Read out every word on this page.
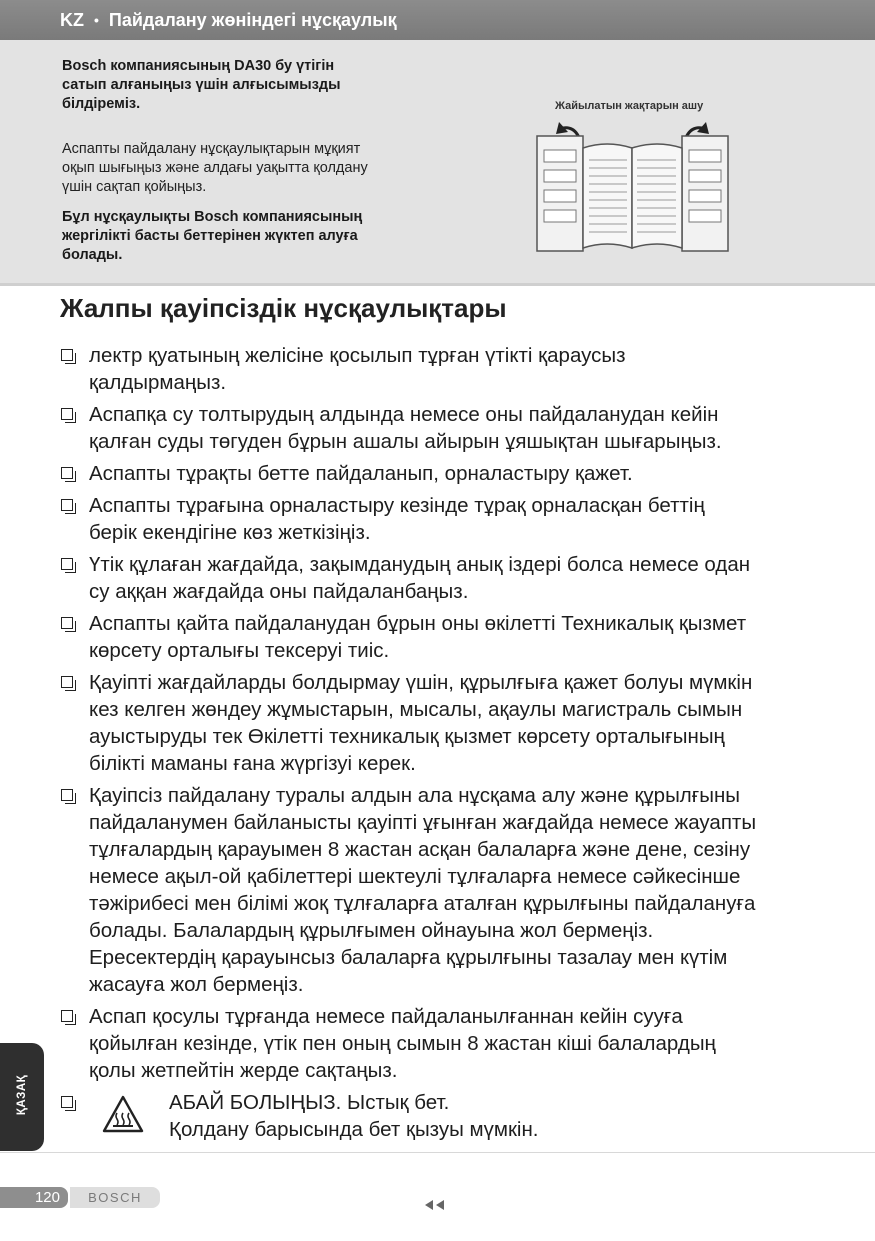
KZ • Пайдалану жөніндегі нұсқаулық

Bosch компаниясының DA30 бу үтігін
сатып алғаныңыз үшін алғысымызды
білдіреміз.

Аспапты пайдалану нұсқаулықтарын мұқият
оқып шығыңыз және алдағы уақытта қолдану
үшін сақтап қойыңыз.

Бұл нұсқаулықты Bosch компаниясының
жергілікті басты беттерінен жүктеп алуға
болады.

Жайылатын жақтарын ашу
Жалпы қауіпсіздік нұсқаулықтары
лектр қуатының желісіне қосылып тұрған үтікті қараусыз
қалдырмаңыз.
Аспапқа су толтырудың алдында немесе оны пайдаланудан кейін
қалған суды төгуден бұрын ашалы айырын ұяшықтан шығарыңыз.
Аспапты тұрақты бетте пайдаланып, орналастыру қажет.
Аспапты тұрағына орналастыру кезінде тұрақ орналасқан беттің
берік екендігіне көз жеткізіңіз.
Үтік құлаған жағдайда, зақымданудың анық іздері болса немесе одан
су аққан жағдайда оны пайдаланбаңыз.
Аспапты қайта пайдаланудан бұрын оны өкілетті Техникалық қызмет
көрсету орталығы тексеруі тиіс.
Қауіпті жағдайларды болдырмау үшін, құрылғыға қажет болуы мүмкін
кез келген жөндеу жұмыстарын, мысалы, ақаулы магистраль сымын
ауыстыруды тек Өкілетті техникалық қызмет көрсету орталығының
білікті маманы ғана жүргізуі керек.
Қауіпсіз пайдалану туралы алдын ала нұсқама алу және құрылғыны
пайдаланумен байланысты қауіпті ұғынған жағдайда немесе жауапты
тұлғалардың қарауымен 8 жастан асқан балаларға және дене, сезіну
немесе ақыл-ой қабілеттері шектеулі тұлғаларға немесе сәйкесінше
тәжірибесі мен білімі жоқ тұлғаларға аталған құрылғыны пайдалануға
болады. Балалардың құрылғымен ойнауына жол бермеңіз.
Ересектердің қарауынсыз балаларға құрылғыны тазалау мен күтім
жасауға жол бермеңіз.
Аспап қосулы тұрғанда немесе пайдаланылғаннан кейін сууға
қойылған кезінде, үтік пен оның сымын 8 жастан кіші балалардың
қолы жетпейтін жерде сақтаңыз.
АБАЙ БОЛЫҢЫЗ. Ыстық бет.
Қолдану барысында бет қызуы мүмкін.
ҚАЗАҚ
120	BOSCH
